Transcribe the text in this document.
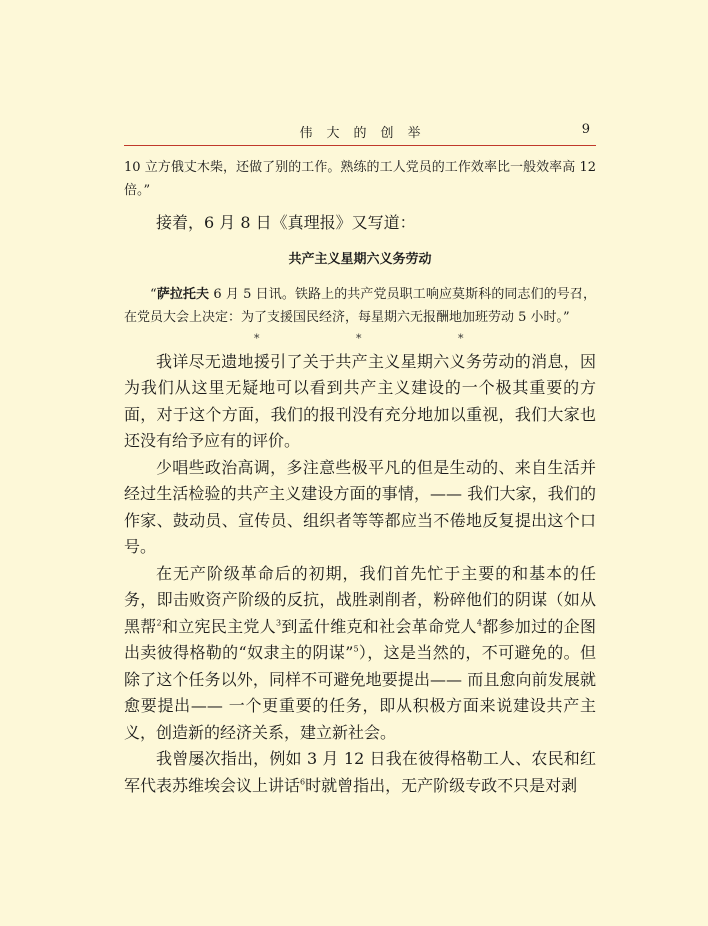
伟大的创举	9

10 立方俄丈木柴，还做了别的工作。熟练的工人党员的工作效率比一般效率高 12 倍。”

接着，6 月 8 日《真理报》又写道：

共产主义星期六义务劳动

“萨拉托夫 6 月 5 日讯。铁路上的共产党员职工响应莫斯科的同志们的号召，在党员大会上决定：为了支援国民经济，每星期六无报酬地加班劳动 5 小时。”

*	*	*

我详尽无遗地援引了关于共产主义星期六义务劳动的消息，因为我们从这里无疑地可以看到共产主义建设的一个极其重要的方面，对于这个方面，我们的报刊没有充分地加以重视，我们大家也还没有给予应有的评价。

少唱些政治高调，多注意些极平凡的但是生动的、来自生活并经过生活检验的共产主义建设方面的事情，—— 我们大家，我们的作家、鼓动员、宣传员、组织者等等都应当不倦地反复提出这个口号。

在无产阶级革命后的初期，我们首先忙于主要的和基本的任务，即击败资产阶级的反抗，战胜剥削者，粉碎他们的阴谋（如从黑帮$^2$和立宪民主党人$^3$到孟什维克和社会革命党人$^4$都参加过的企图出卖彼得格勒的“奴隶主的阴谋”$^5$），这是当然的，不可避免的。但除了这个任务以外，同样不可避免地要提出—— 而且愈向前发展就愈要提出—— 一个更重要的任务，即从积极方面来说建设共产主义，创造新的经济关系，建立新社会。

我曾屡次指出，例如 3 月 12 日我在彼得格勒工人、农民和红军代表苏维埃会议上讲话$^6$时就曾指出，无产阶级专政不只是对剥
